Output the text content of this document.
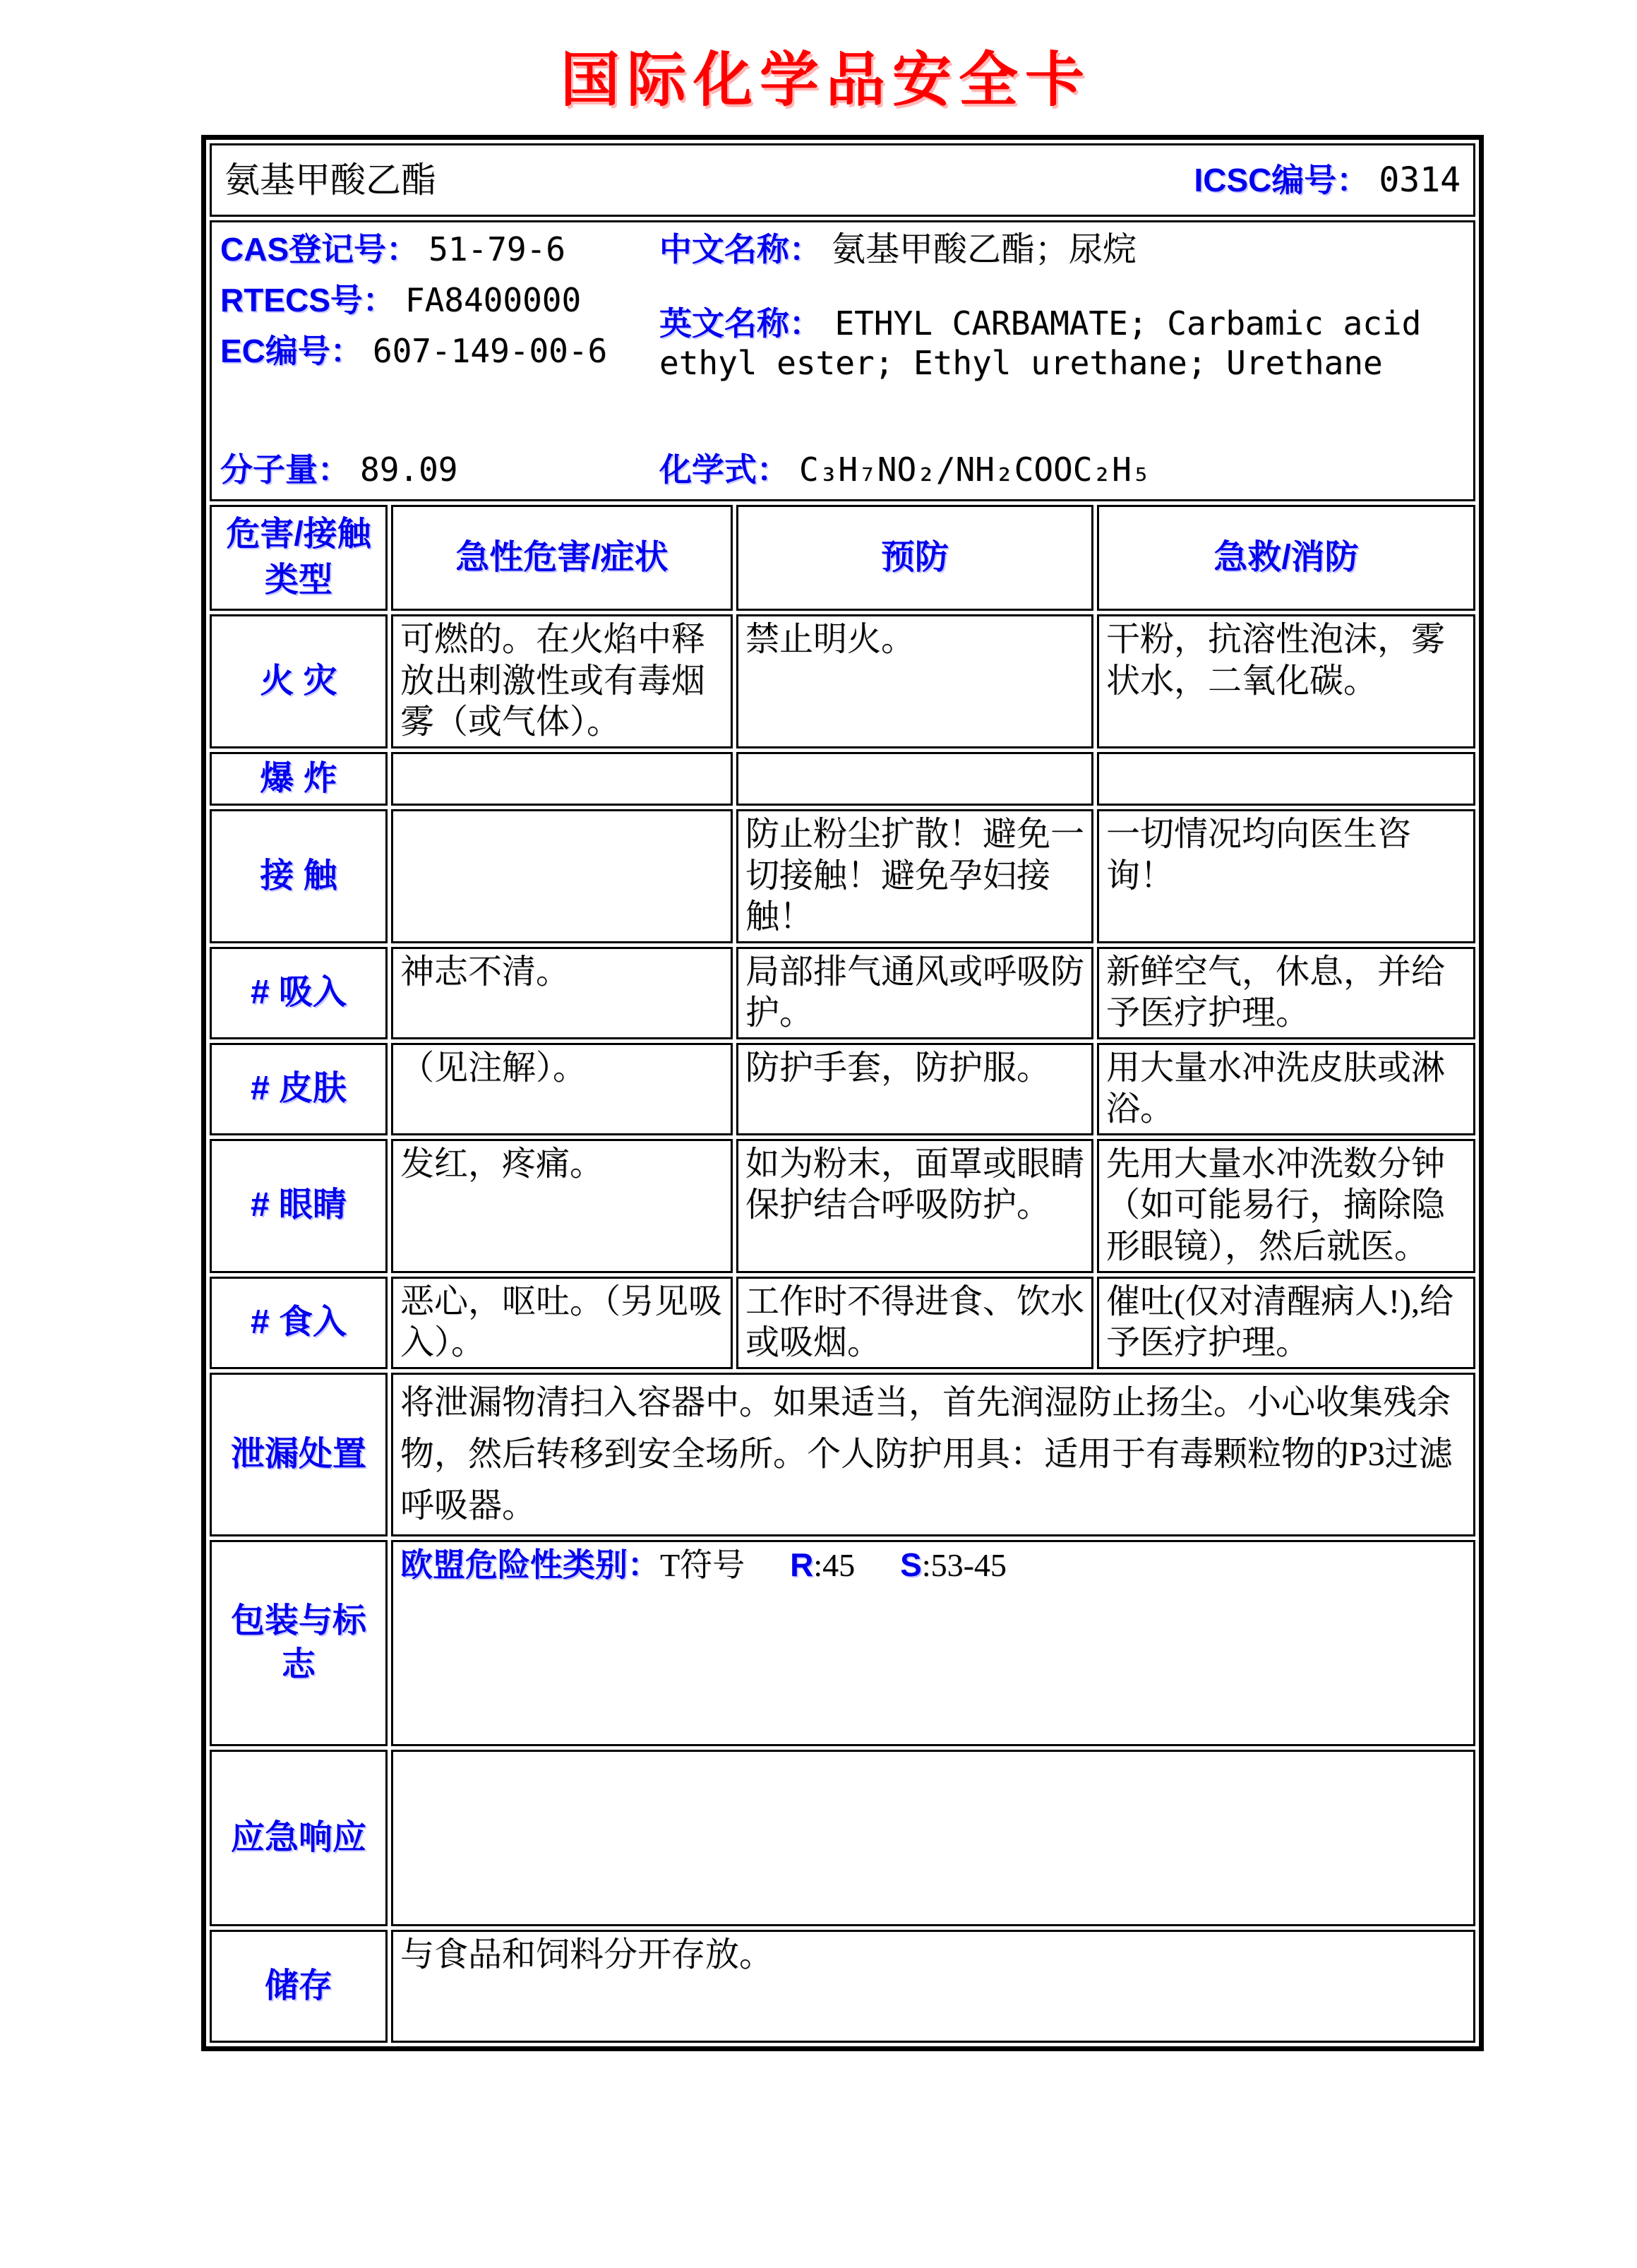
国际化学品安全卡
氨基甲酸乙酯 ICSC编号： 0314			

CAS登记号： 51-79-6
RTECS号： FA8400000
EC编号： 607-149-00-6
分子量： 89.09
中文名称： 氨基甲酸乙酯；尿烷
英文名称： ETHYL CARBAMATE; Carbamic acid ethyl ester; Ethyl urethane; Urethane
化学式： C₃H₇NO₂/NH₂COOC₂H₅

危害/接触类型	急性危害/症状	预防	急救/消防
火 灾	可燃的。在火焰中释放出刺激性或有毒烟雾（或气体）。	禁止明火。	干粉，抗溶性泡沫，雾状水，二氧化碳。
爆 炸			
接 触		防止粉尘扩散！避免一切接触！避免孕妇接触！	一切情况均向医生咨询！
# 吸入	神志不清。	局部排气通风或呼吸防护。	新鲜空气，休息，并给予医疗护理。
# 皮肤	（见注解）。	防护手套，防护服。	用大量水冲洗皮肤或淋浴。
# 眼睛	发红，疼痛。	如为粉末，面罩或眼睛保护结合呼吸防护。	先用大量水冲洗数分钟（如可能易行，摘除隐形眼镜），然后就医。
# 食入	恶心，呕吐。（另见吸入）。	工作时不得进食、饮水或吸烟。	催吐(仅对清醒病人!),给予医疗护理。
泄漏处置	将泄漏物清扫入容器中。如果适当，首先润湿防止扬尘。小心收集残余物，然后转移到安全场所。个人防护用具：适用于有毒颗粒物的P3过滤呼吸器。		
包装与标志	欧盟危险性类别：T符号 R:45 S:53-45		

应急响应			
储存	与食品和饲料分开存放。		
